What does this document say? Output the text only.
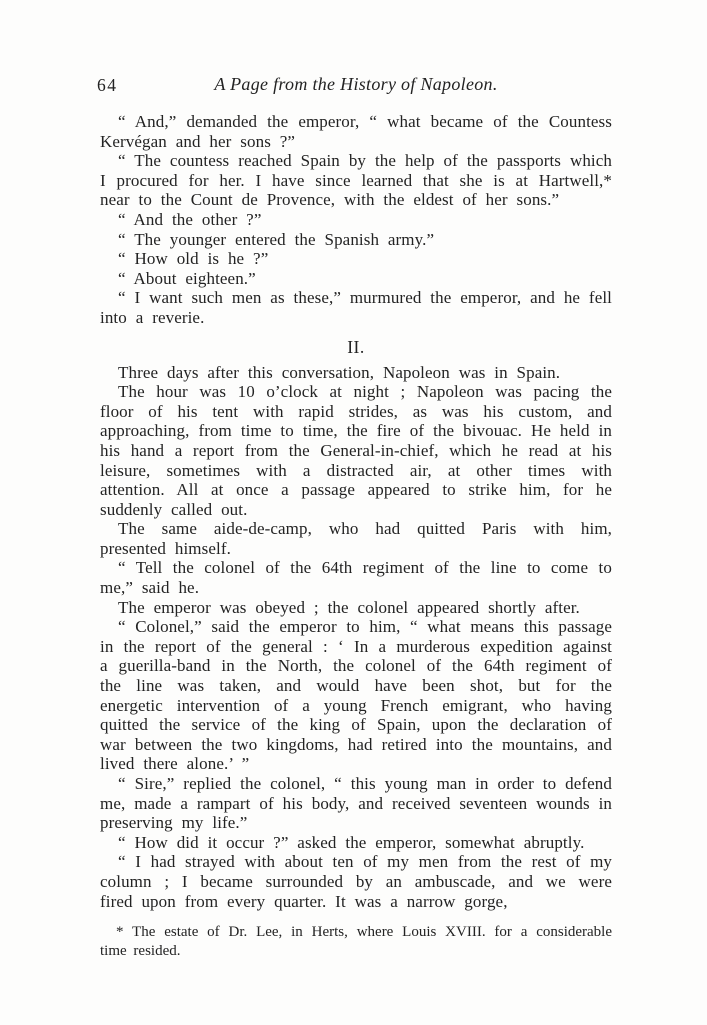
64	A Page from the History of Napoleon.

“ And,” demanded the emperor, “ what became of the Countess Kervégan and her sons ?”

“ The countess reached Spain by the help of the passports which I procured for her. I have since learned that she is at Hartwell,* near to the Count de Provence, with the eldest of her sons.”

“ And the other ?”

“ The younger entered the Spanish army.”

“ How old is he ?”

“ About eighteen.”

“ I want such men as these,” murmured the emperor, and he fell into a reverie.

II.

Three days after this conversation, Napoleon was in Spain.

The hour was 10 o’clock at night ; Napoleon was pacing the floor of his tent with rapid strides, as was his custom, and approaching, from time to time, the fire of the bivouac. He held in his hand a report from the General-in-chief, which he read at his leisure, sometimes with a distracted air, at other times with attention. All at once a passage appeared to strike him, for he suddenly called out.

The same aide-de-camp, who had quitted Paris with him, presented himself.

“ Tell the colonel of the 64th regiment of the line to come to me,” said he.

The emperor was obeyed ; the colonel appeared shortly after.

“ Colonel,” said the emperor to him, “ what means this passage in the report of the general : ‘ In a murderous expedition against a guerilla-band in the North, the colonel of the 64th regiment of the line was taken, and would have been shot, but for the energetic intervention of a young French emigrant, who having quitted the service of the king of Spain, upon the declaration of war between the two kingdoms, had retired into the mountains, and lived there alone.’ ”

“ Sire,” replied the colonel, “ this young man in order to defend me, made a rampart of his body, and received seventeen wounds in preserving my life.”

“ How did it occur ?” asked the emperor, somewhat abruptly.

“ I had strayed with about ten of my men from the rest of my column ; I became surrounded by an ambuscade, and we were fired upon from every quarter. It was a narrow gorge,

* The estate of Dr. Lee, in Herts, where Louis XVIII. for a considerable time resided.
